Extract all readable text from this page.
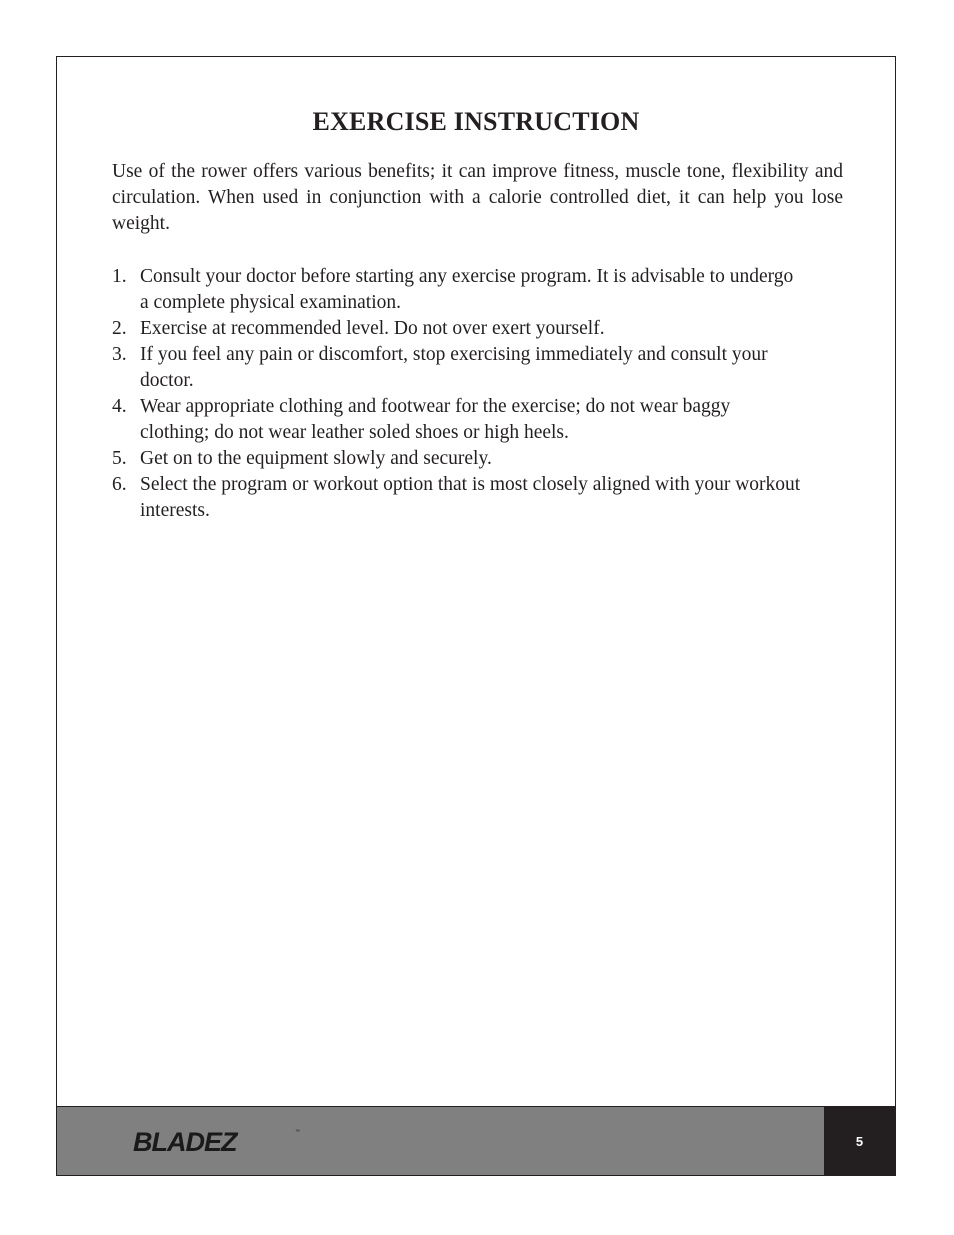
EXERCISE INSTRUCTION

Use of the rower offers various benefits; it can improve fitness, muscle tone, flexibility and circulation. When used in conjunction with a calorie controlled diet, it can help you lose weight.

1. Consult your doctor before starting any exercise program. It is advisable to undergo a complete physical examination.
2. Exercise at recommended level. Do not over exert yourself.
3. If you feel any pain or discomfort, stop exercising immediately and consult your doctor.
4. Wear appropriate clothing and footwear for the exercise; do not wear baggy clothing; do not wear leather soled shoes or high heels.
5. Get on to the equipment slowly and securely.
6. Select the program or workout option that is most closely aligned with your workout interests.
BLADEZ	™
5
